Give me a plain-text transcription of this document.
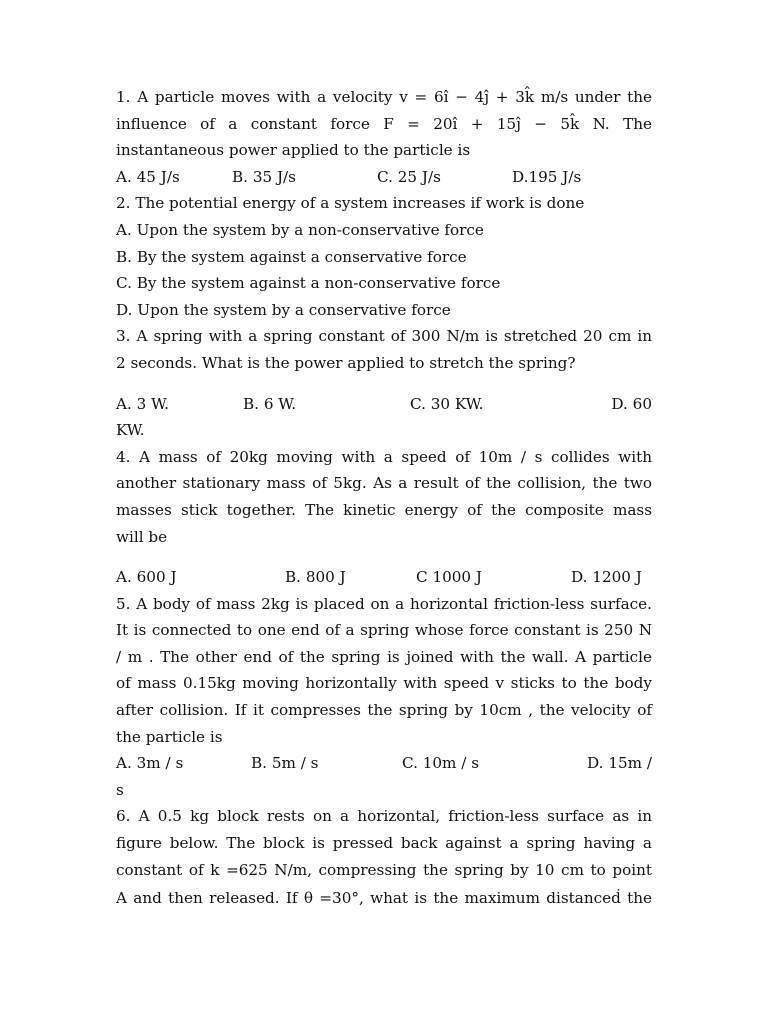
1. A particle moves with a velocity v = 6î − 4ĵ + 3k̂ m/s under the
influence of a constant force F = 20î + 15ĵ − 5k̂ N. The
instantaneous power applied to the particle is
A. 45 J/s	B. 35 J/s	C. 25 J/s	D.195 J/s
2. The potential energy of a system increases if work is done
A. Upon the system by a non-conservative force
B. By the system against a conservative force
C. By the system against a non-conservative force
D. Upon the system by a conservative force
3. A spring with a spring constant of 300 N/m is stretched 20 cm in
2 seconds. What is the power applied to stretch the spring?
A. 3 W.	B. 6 W.	C. 30 KW.	D. 60
KW.
4. A mass of 20kg moving with a speed of 10m / s collides with
another stationary mass of 5kg. As a result of the collision, the two
masses stick together. The kinetic energy of the composite mass
will be
A. 600 J	B. 800 J	C 1000 J	D. 1200 J
5. A body of mass 2kg is placed on a horizontal friction-less surface.
It is connected to one end of a spring whose force constant is 250 N
/ m . The other end of the spring is joined with the wall. A particle
of mass 0.15kg moving horizontally with speed v sticks to the body
after collision. If it compresses the spring by 10cm , the velocity of
the particle is
A. 3m / s	B. 5m / s	C. 10m / s	D. 15m /
s
6. A 0.5 kg block rests on a horizontal, friction-less surface as in
figure below. The block is pressed back against a spring having a
constant of k =625 N/m, compressing the spring by 10 cm to point
A and then released. If θ =30°, what is the maximum distanceḋ the
